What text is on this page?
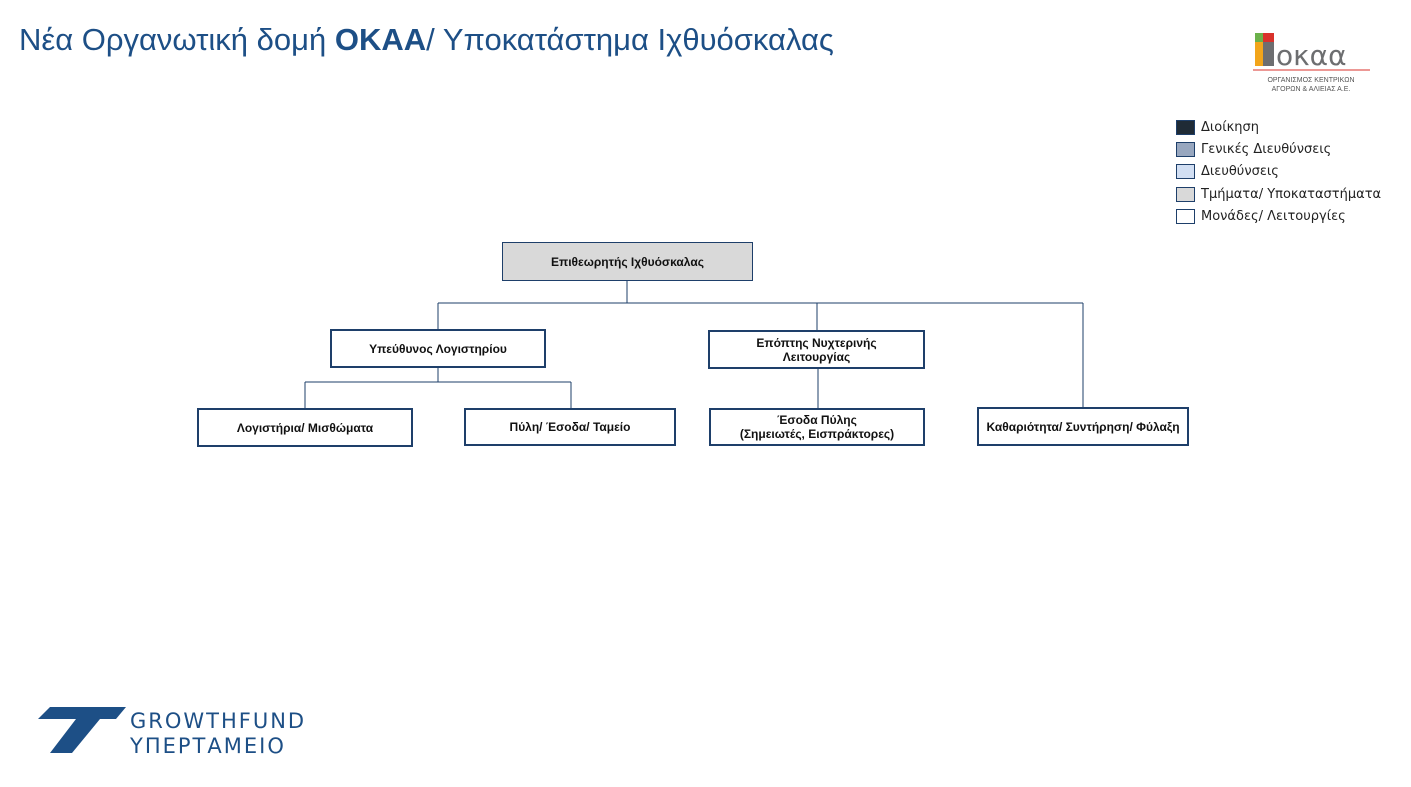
Νέα Οργανωτική δομή ΟΚΑΑ/ Υποκατάστημα Ιχθυόσκαλας	οκαα
ΟΡΓΑΝΙΣΜΟΣ ΚΕΝΤΡΙΚΩΝ
ΑΓΟΡΩΝ & ΑΛΙΕΙΑΣ Α.Ε.
Διοίκηση
Γενικές Διευθύνσεις
Διευθύνσεις
Τμήματα/ Υποκαταστήματα
Μονάδες/ Λειτουργίες
Επιθεωρητής Ιχθυόσκαλας
Υπεύθυνος Λογιστηρίου	Επόπτης Νυχτερινής
Λειτουργίας
Λογιστήρια/ Μισθώματα	Πύλη/ Έσοδα/ Ταμείο	Έσοδα Πύλης
(Σημειωτές, Εισπράκτορες)
Καθαριότητα/ Συντήρηση/ Φύλαξη
GROWTHFUND
ΥΠΕΡΤΑΜΕΙΟ
